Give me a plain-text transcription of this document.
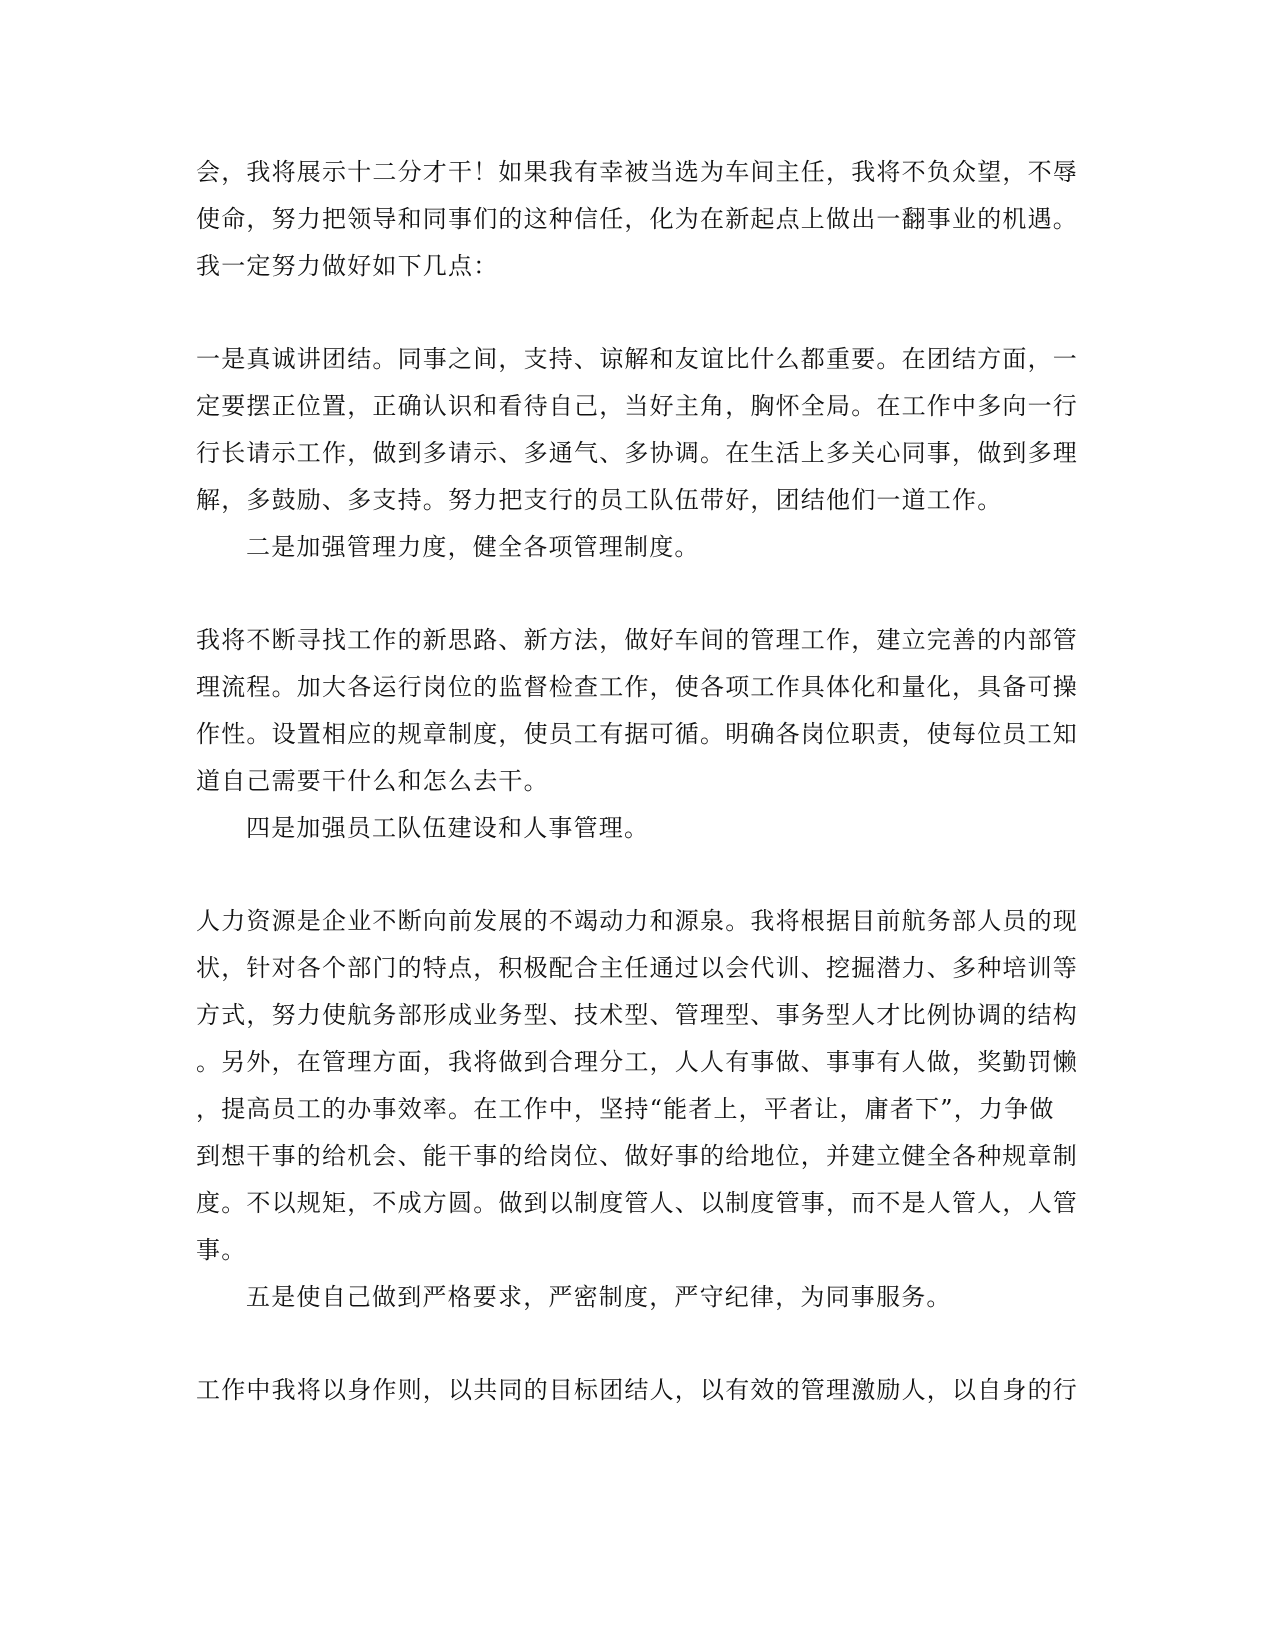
会，我将展示十二分才干！如果我有幸被当选为车间主任，我将不负众望，不辱
使命，努力把领导和同事们的这种信任，化为在新起点上做出一翻事业的机遇。
我一定努力做好如下几点：
一是真诚讲团结。同事之间，支持、谅解和友谊比什么都重要。在团结方面，一
定要摆正位置，正确认识和看待自己，当好主角，胸怀全局。在工作中多向一行
行长请示工作，做到多请示、多通气、多协调。在生活上多关心同事，做到多理
解，多鼓励、多支持。努力把支行的员工队伍带好，团结他们一道工作。
二是加强管理力度，健全各项管理制度。
我将不断寻找工作的新思路、新方法，做好车间的管理工作，建立完善的内部管
理流程。加大各运行岗位的监督检查工作，使各项工作具体化和量化，具备可操
作性。设置相应的规章制度，使员工有据可循。明确各岗位职责，使每位员工知
道自己需要干什么和怎么去干。
四是加强员工队伍建设和人事管理。
人力资源是企业不断向前发展的不竭动力和源泉。我将根据目前航务部人员的现
状，针对各个部门的特点，积极配合主任通过以会代训、挖掘潜力、多种培训等
方式，努力使航务部形成业务型、技术型、管理型、事务型人才比例协调的结构
。另外，在管理方面，我将做到合理分工，人人有事做、事事有人做，奖勤罚懒
，提高员工的办事效率。在工作中，坚持“能者上，平者让，庸者下”，力争做
到想干事的给机会、能干事的给岗位、做好事的给地位，并建立健全各种规章制
度。不以规矩，不成方圆。做到以制度管人、以制度管事，而不是人管人，人管
事。
五是使自己做到严格要求，严密制度，严守纪律，为同事服务。
工作中我将以身作则，以共同的目标团结人，以有效的管理激励人，以自身的行
